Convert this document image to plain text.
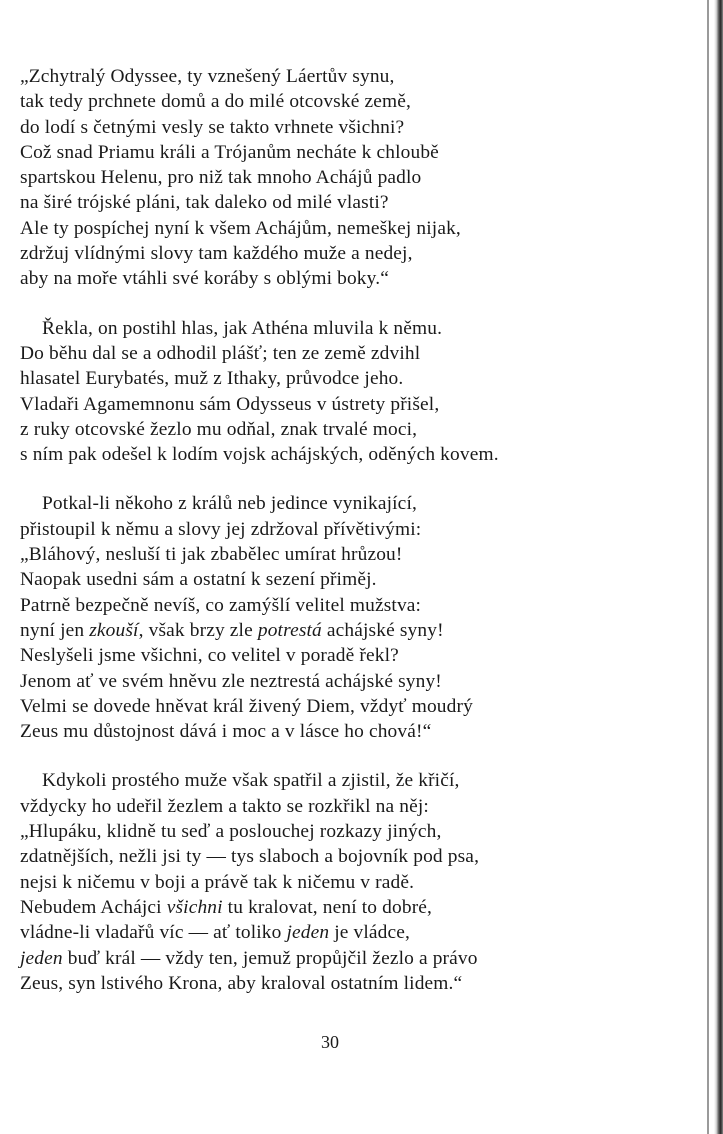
„Zchytralý Odyssee, ty vznešený Láertův synu,
tak tedy prchnete domů a do milé otcovské země,
do lodí s četnými vesly se takto vrhnete všichni?
Což snad Priamu králi a Trójanům necháte k chloubě
spartskou Helenu, pro niž tak mnoho Achájů padlo
na širé trójské pláni, tak daleko od milé vlasti?
Ale ty pospíchej nyní k všem Achájům, nemeškej nijak,
zdržuj vlídnými slovy tam každého muže a nedej,
aby na moře vtáhli své koráby s oblými boky.“
Řekla, on postihl hlas, jak Athéna mluvila k němu.
Do běhu dal se a odhodil plášť; ten ze země zdvihl
hlasatel Eurybatés, muž z Ithaky, průvodce jeho.
Vladaři Agamemnonu sám Odysseus v ústrety přišel,
z ruky otcovské žezlo mu odňal, znak trvalé moci,
s ním pak odešel k lodím vojsk achájských, oděných kovem.
Potkal-li někoho z králů neb jedince vynikající,
přistoupil k němu a slovy jej zdržoval přívětivými:
„Bláhový, nesluší ti jak zbabělec umírat hrůzou!
Naopak usedni sám a ostatní k sezení přiměj.
Patrně bezpečně nevíš, co zamýšlí velitel mužstva:
nyní jen zkouší, však brzy zle potrestá achájské syny!
Neslyšeli jsme všichni, co velitel v poradě řekl?
Jenom ať ve svém hněvu zle neztrestá achájské syny!
Velmi se dovede hněvat král živený Diem, vždyť moudrý
Zeus mu důstojnost dává i moc a v lásce ho chová!“
Kdykoli prostého muže však spatřil a zjistil, že křičí,
vždycky ho udeřil žezlem a takto se rozkřikl na něj:
„Hlupáku, klidně tu seď a poslouchej rozkazy jiných,
zdatnějších, nežli jsi ty — tys slaboch a bojovník pod psa,
nejsi k ničemu v boji a právě tak k ničemu v radě.
Nebudem Achájci všichni tu kralovat, není to dobré,
vládne-li vladařů víc — ať toliko jeden je vládce,
jeden buď král — vždy ten, jemuž propůjčil žezlo a právo
Zeus, syn lstivého Krona, aby kraloval ostatním lidem.“
30
